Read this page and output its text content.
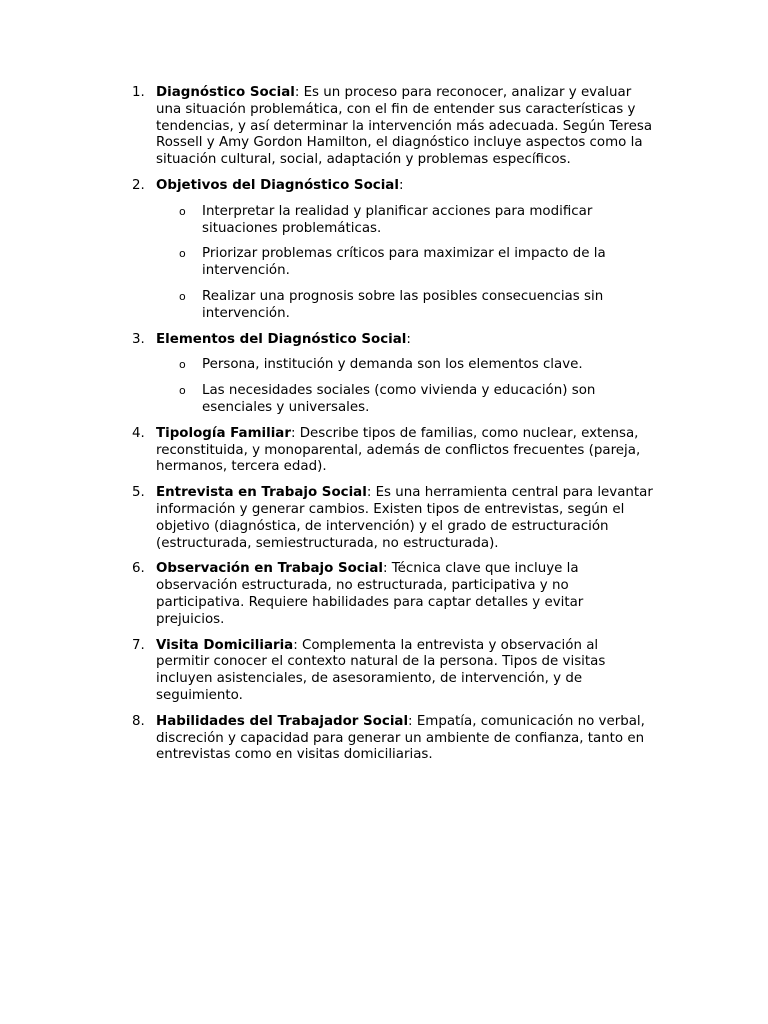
1. Diagnóstico Social: Es un proceso para reconocer, analizar y evaluar una situación problemática, con el fin de entender sus características y tendencias, y así determinar la intervención más adecuada. Según Teresa Rossell y Amy Gordon Hamilton, el diagnóstico incluye aspectos como la situación cultural, social, adaptación y problemas específicos.
2. Objetivos del Diagnóstico Social:
o Interpretar la realidad y planificar acciones para modificar situaciones problemáticas.
o Priorizar problemas críticos para maximizar el impacto de la intervención.
o Realizar una prognosis sobre las posibles consecuencias sin intervención.
3. Elementos del Diagnóstico Social:
o Persona, institución y demanda son los elementos clave.
o Las necesidades sociales (como vivienda y educación) son esenciales y universales.
4. Tipología Familiar: Describe tipos de familias, como nuclear, extensa, reconstituida, y monoparental, además de conflictos frecuentes (pareja, hermanos, tercera edad).
5. Entrevista en Trabajo Social: Es una herramienta central para levantar información y generar cambios. Existen tipos de entrevistas, según el objetivo (diagnóstica, de intervención) y el grado de estructuración (estructurada, semiestructurada, no estructurada).
6. Observación en Trabajo Social: Técnica clave que incluye la observación estructurada, no estructurada, participativa y no participativa. Requiere habilidades para captar detalles y evitar prejuicios.
7. Visita Domiciliaria: Complementa la entrevista y observación al permitir conocer el contexto natural de la persona. Tipos de visitas incluyen asistenciales, de asesoramiento, de intervención, y de seguimiento.
8. Habilidades del Trabajador Social: Empatía, comunicación no verbal, discreción y capacidad para generar un ambiente de confianza, tanto en entrevistas como en visitas domiciliarias.
